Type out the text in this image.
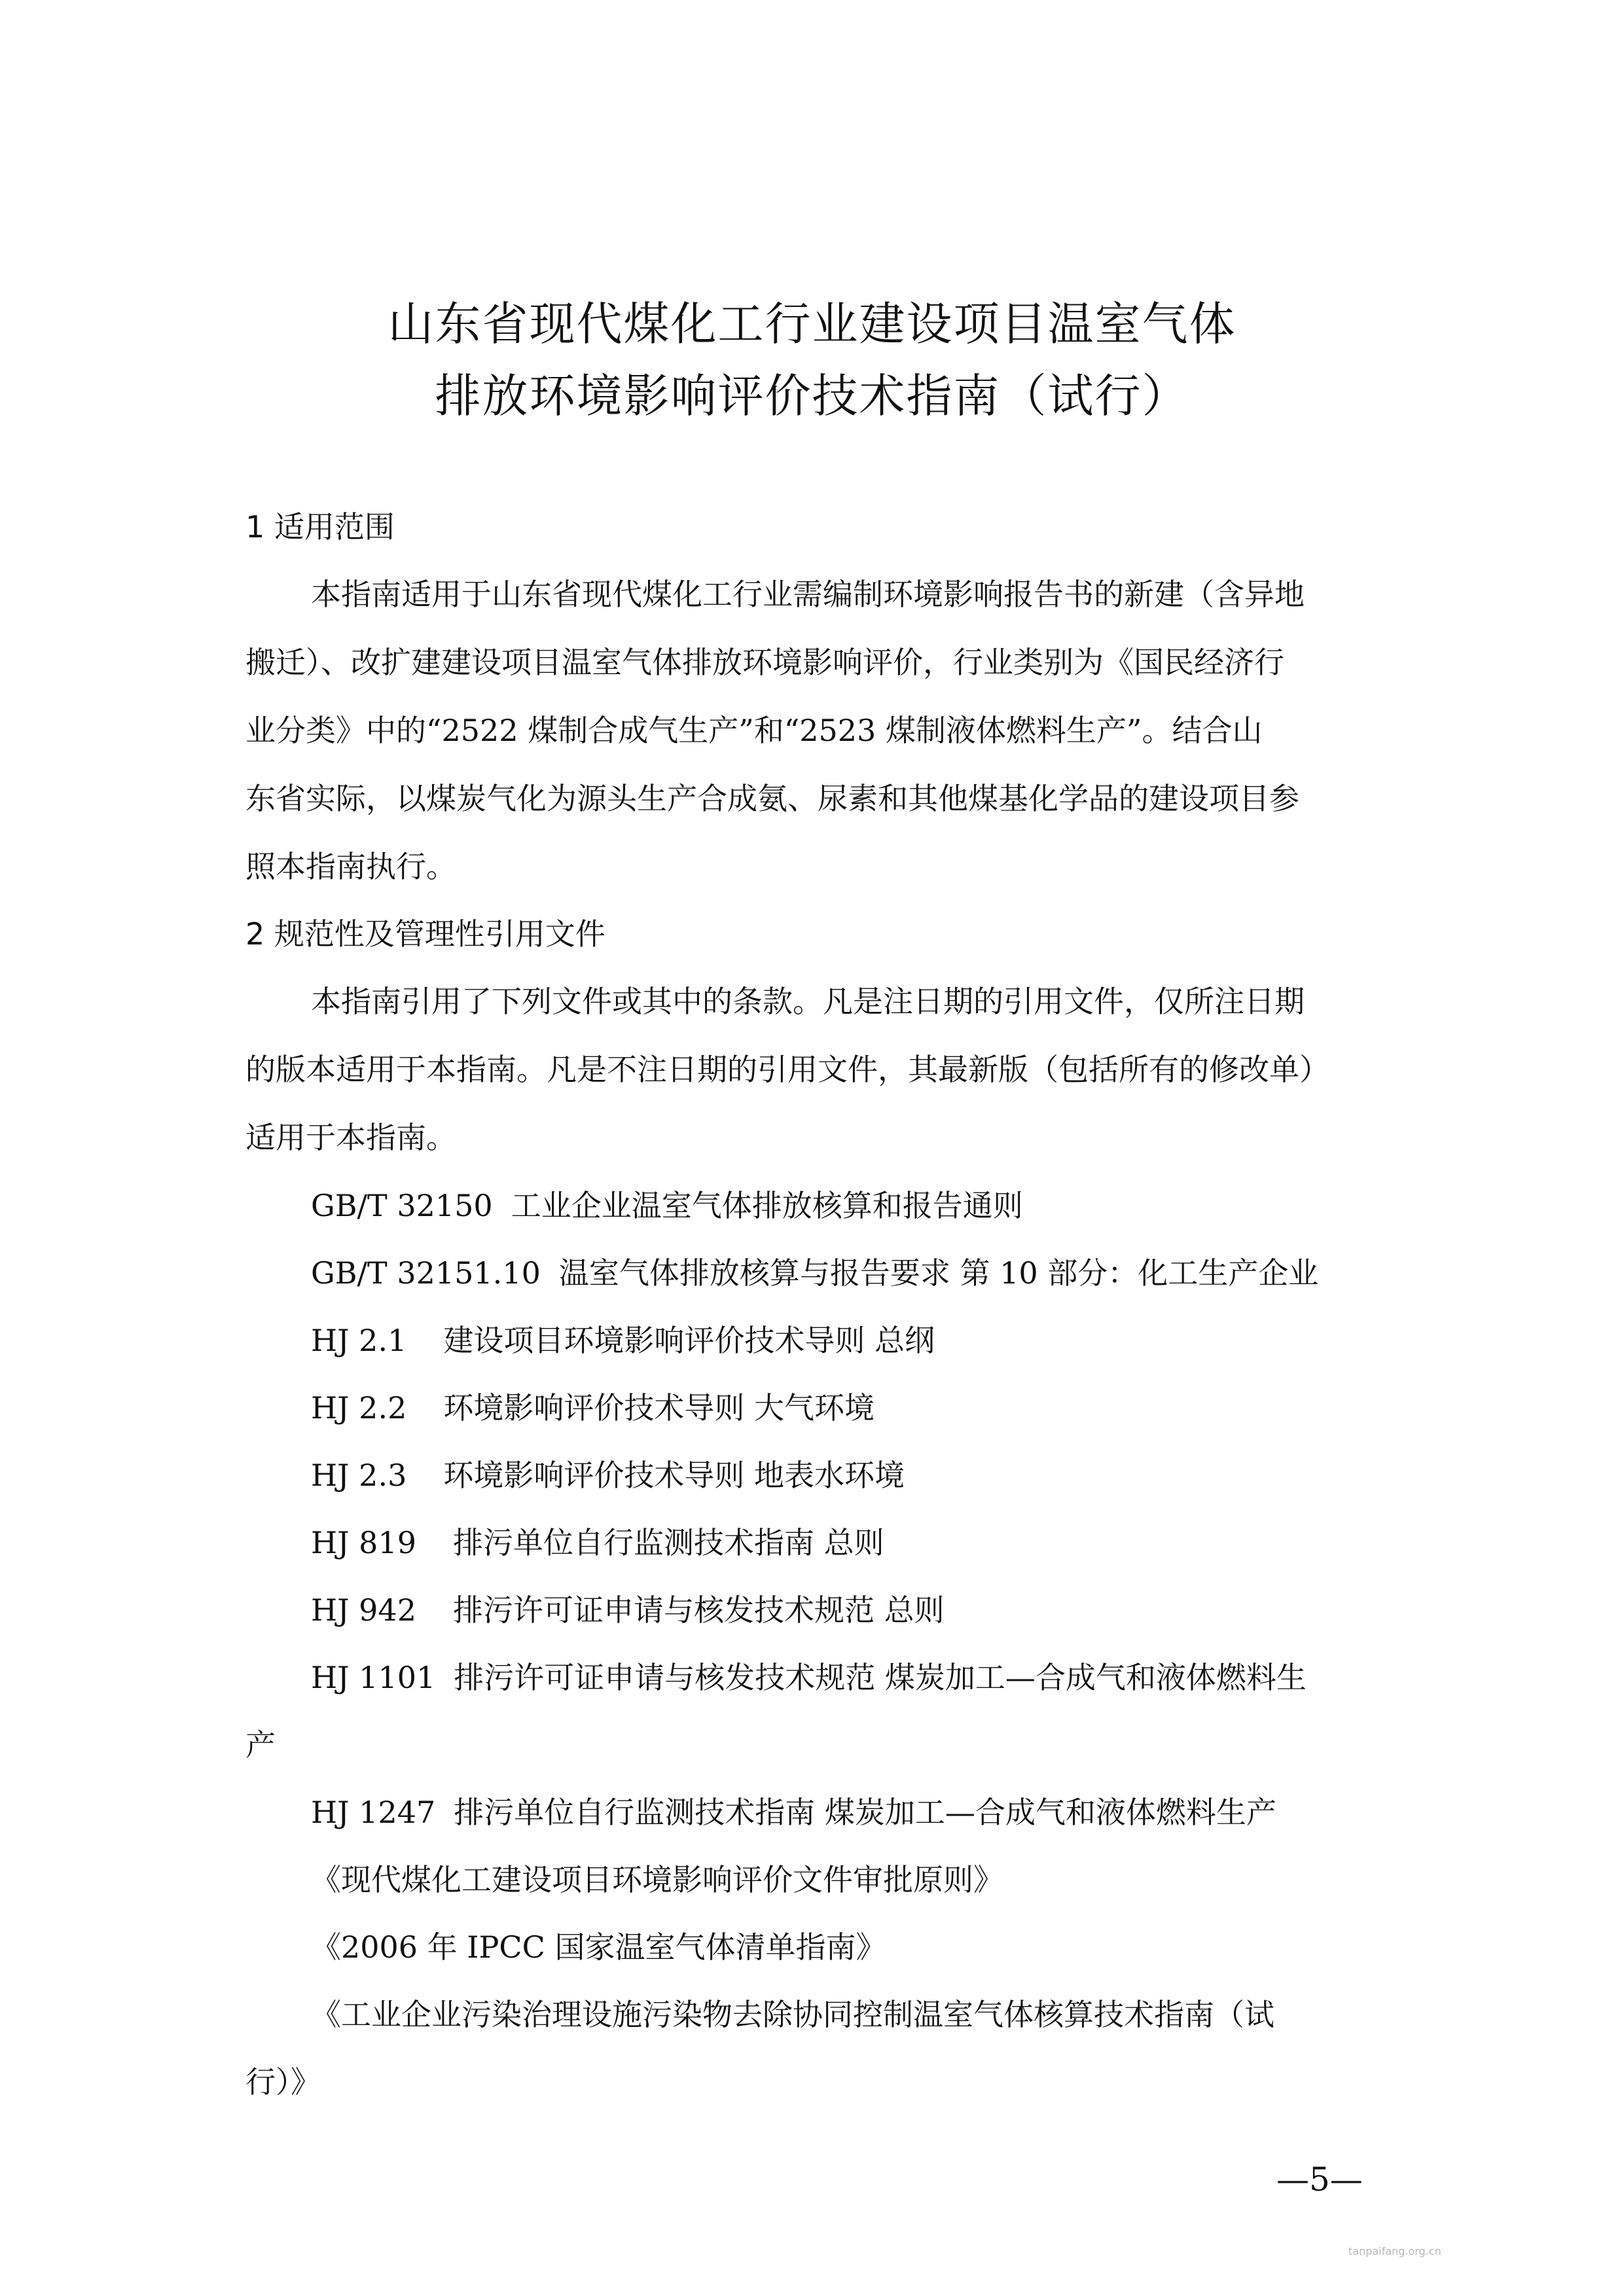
山东省现代煤化工行业建设项目温室气体
排放环境影响评价技术指南（试行）
1 适用范围
本指南适用于山东省现代煤化工行业需编制环境影响报告书的新建（含异地
搬迁）、改扩建建设项目温室气体排放环境影响评价，行业类别为《国民经济行
业分类》中的“2522 煤制合成气生产”和“2523 煤制液体燃料生产”。结合山
东省实际，以煤炭气化为源头生产合成氨、尿素和其他煤基化学品的建设项目参
照本指南执行。
2 规范性及管理性引用文件
本指南引用了下列文件或其中的条款。凡是注日期的引用文件，仅所注日期
的版本适用于本指南。凡是不注日期的引用文件，其最新版（包括所有的修改单）
适用于本指南。
GB/T 32150 工业企业温室气体排放核算和报告通则
GB/T 32151.10 温室气体排放核算与报告要求 第 10 部分：化工生产企业
HJ 2.1 建设项目环境影响评价技术导则 总纲
HJ 2.2 环境影响评价技术导则 大气环境
HJ 2.3 环境影响评价技术导则 地表水环境
HJ 819 排污单位自行监测技术指南 总则
HJ 942 排污许可证申请与核发技术规范 总则
HJ 1101 排污许可证申请与核发技术规范 煤炭加工—合成气和液体燃料生
产
HJ 1247 排污单位自行监测技术指南 煤炭加工—合成气和液体燃料生产
《现代煤化工建设项目环境影响评价文件审批原则》
《2006 年 IPCC 国家温室气体清单指南》
《工业企业污染治理设施污染物去除协同控制温室气体核算技术指南（试
行）》
—5—
tanpaifang.org.cn
